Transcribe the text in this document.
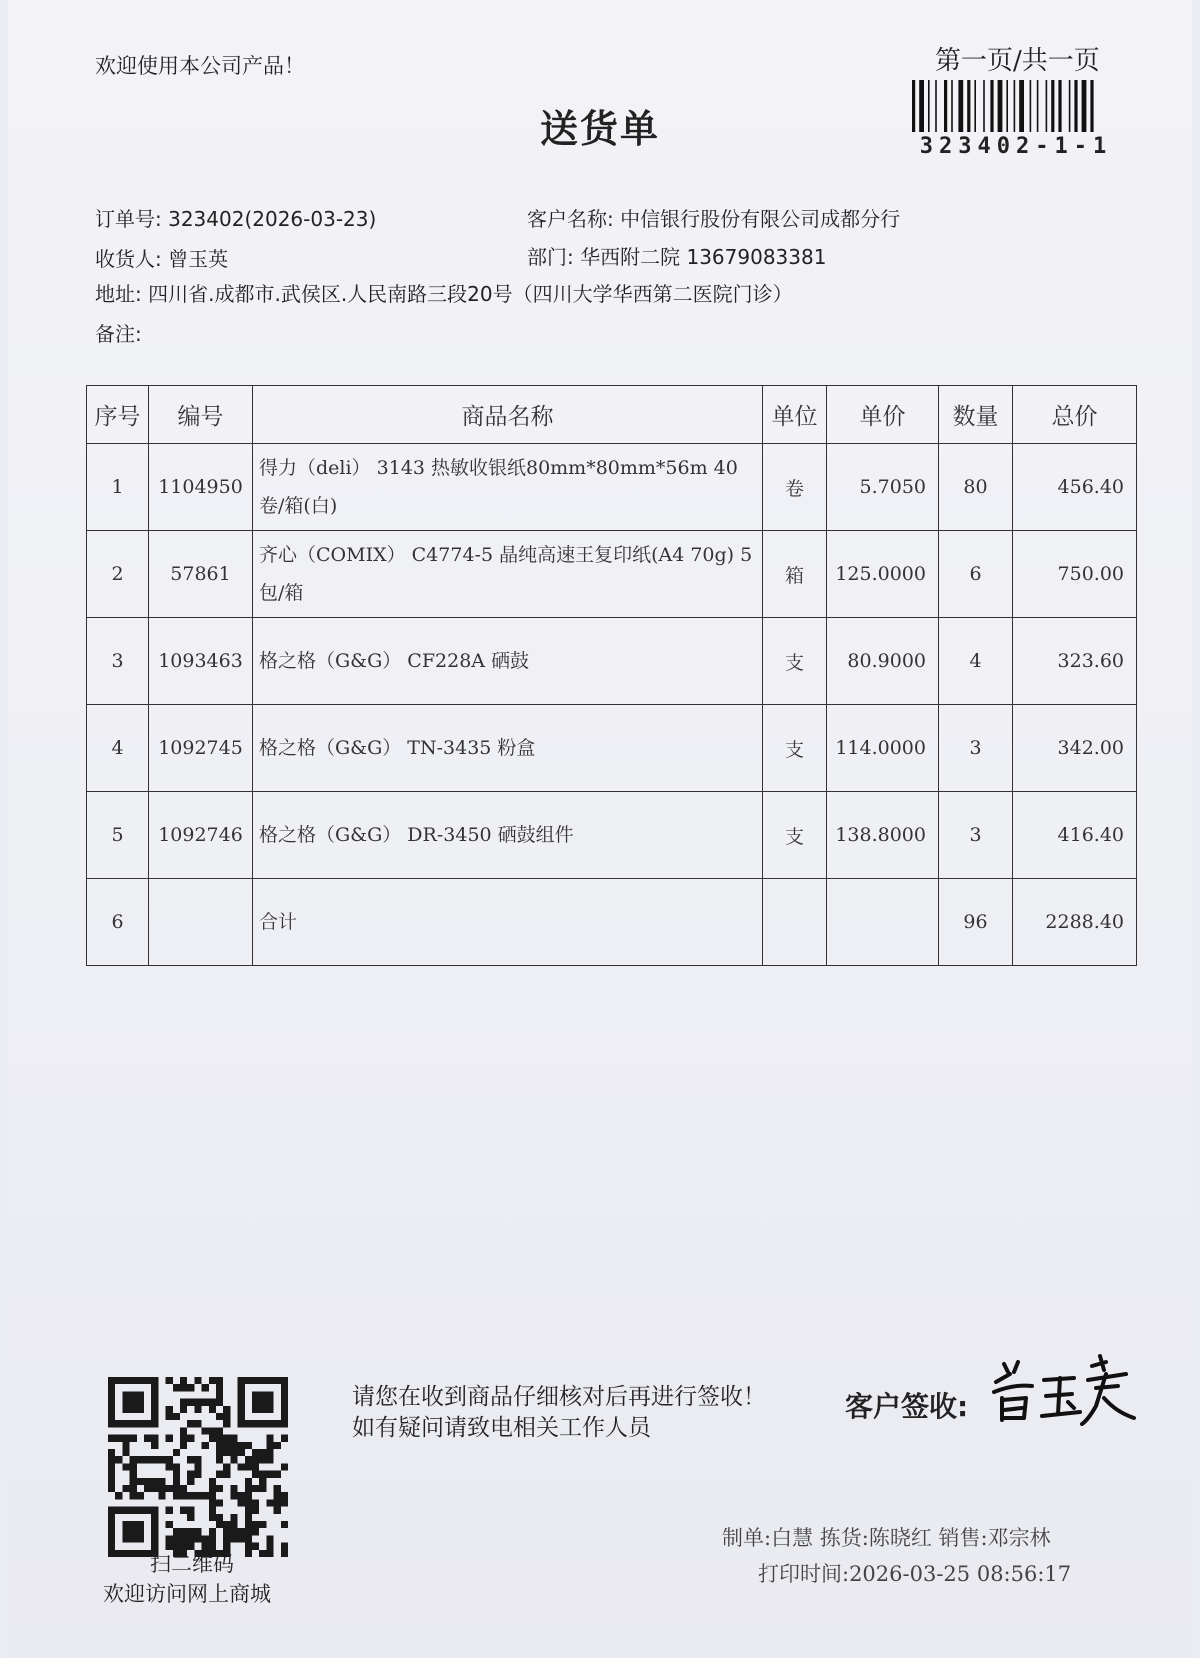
欢迎使用本公司产品！
送货单
第一页/共一页
323402-1-1
订单号: 323402(2026-03-23)	客户名称: 中信银行股份有限公司成都分行
收货人: 曾玉英	部门: 华西附二院 13679083381
地址: 四川省.成都市.武侯区.人民南路三段20号（四川大学华西第二医院门诊）
备注:
序号	编号	商品名称	单位	单价	数量	总价
1	1104950	得力（deli） 3143 热敏收银纸80mm*80mm*56m 40卷/箱(白)	卷	5.7050	80	456.40
2	57861	齐心（COMIX） C4774-5 晶纯高速王复印纸(A4 70g) 5包/箱	箱	125.0000	6	750.00
3	1093463	格之格（G&G） CF228A 硒鼓	支	80.9000	4	323.60
4	1092745	格之格（G&G） TN-3435 粉盒	支	114.0000	3	342.00
5	1092746	格之格（G&G） DR-3450 硒鼓组件	支	138.8000	3	416.40
6		合计			96	2288.40
扫二维码
欢迎访问网上商城
请您在收到商品仔细核对后再进行签收！如有疑问请致电相关工作人员
客户签收:
制单:白慧 拣货:陈晓红 销售:邓宗林
打印时间:2026-03-25 08:56:17
